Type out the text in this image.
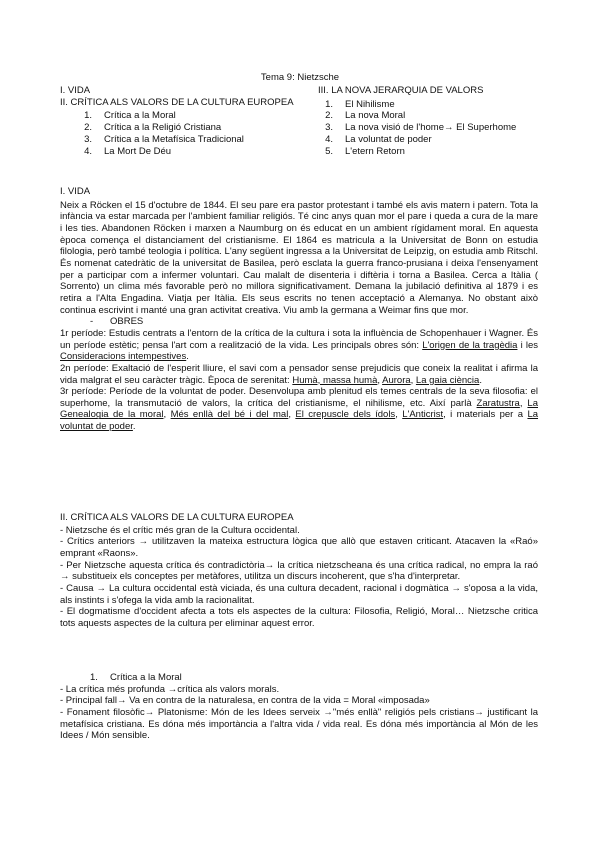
Tema 9: Nietzsche

I. VIDA

II. CRÍTICA ALS VALORS DE LA CULTURA EUROPEA

1.	Crítica a la Moral
2.	Crítica a la Religió Cristiana
3.	Crítica a la Metafísica Tradicional
4.	La Mort De Déu

III. LA NOVA JERARQUIA DE VALORS

1.	El Nihilisme
2.	La nova Moral
3.	La nova visió de l'home→ El Superhome
4.	La voluntat de poder
5.	L'etern Retorn

I. VIDA

Neix a Röcken el 15 d'octubre de 1844. El seu pare era pastor protestant i també els avis matern i patern. Tota la infància va estar marcada per l'ambient familiar religiós. Té cinc anys quan mor el pare i queda a cura de la mare i les ties. Abandonen Röcken i marxen a Naumburg on és educat en un ambient rígidament moral. En aquesta època comença el distanciament del cristianisme. El 1864 es matricula a la Universitat de Bonn on estudia filologia, però també teologia i política. L'any següent ingressa a la Universitat de Leipzig, on estudia amb Ritschl. És nomenat catedràtic de la universitat de Basilea, però esclata la guerra franco-prusiana i deixa l'ensenyament per a participar com a infermer voluntari. Cau malalt de disenteria i diftèria i torna a Basilea. Cerca a Itàlia ( Sorrento) un clima més favorable però no millora significativament. Demana la jubilació definitiva al 1879 i es retira a l'Alta Engadina. Viatja per Itàlia. Els seus escrits no tenen acceptació a Alemanya. No obstant això continua escrivint i manté una gran activitat creativa. Viu amb la germana a Weimar fins que mor.

- OBRES

1r període: Estudis centrats a l'entorn de la crítica de la cultura i sota la influència de Schopenhauer i Wagner. És un període estètic; pensa l'art com a realització de la vida. Les principals obres són: L'origen de la tragèdia i les Consideracions intempestives.

2n període: Exaltació de l'esperit lliure, el savi com a pensador sense prejudicis que coneix la realitat i afirma la vida malgrat el seu caràcter tràgic. Època de serenitat: Humà, massa humà, Aurora, La gaia ciència.

3r període: Període de la voluntat de poder. Desenvolupa amb plenitud els temes centrals de la seva filosofia: el superhome, la transmutació de valors, la crítica del cristianisme, el nihilisme, etc. Així parlà Zaratustra, La Genealogia de la moral, Més enllà del bé i del mal, El crepuscle dels ídols, L'Anticrist, i materials per a La voluntat de poder.

II. CRÍTICA ALS VALORS DE LA CULTURA EUROPEA

- Nietzsche és el crític més gran de la Cultura occidental.

- Crítics anteriors → utilitzaven la mateixa estructura lògica que allò que estaven criticant. Atacaven la «Raó» emprant «Raons».

- Per Nietzsche aquesta crítica és contradictòria→ la crítica nietzscheana és una crítica radical, no empra la raó → substitueix els conceptes per metàfores, utilitza un discurs incoherent, que s'ha d'interpretar.

- Causa → La cultura occidental està viciada, és una cultura decadent, racional i dogmàtica → s'oposa a la vida, als instints i s'ofega la vida amb la racionalitat.

- El dogmatisme d'occident afecta a tots els aspectes de la cultura: Filosofia, Religió, Moral… Nietzsche critica tots aquests aspectes de la cultura per eliminar aquest error.

1. Crítica a la Moral

- La crítica més profunda →crítica als valors morals.

- Principal fall→ Va en contra de la naturalesa, en contra de la vida = Moral «imposada»

- Fonament filosòfic→ Platonisme: Món de les Idees serveix →"més enllà" religiós pels cristians→ justificant la metafísica cristiana. Es dóna més importància a l'altra vida / vida real. Es dóna més importància al Món de les Idees / Món sensible.
